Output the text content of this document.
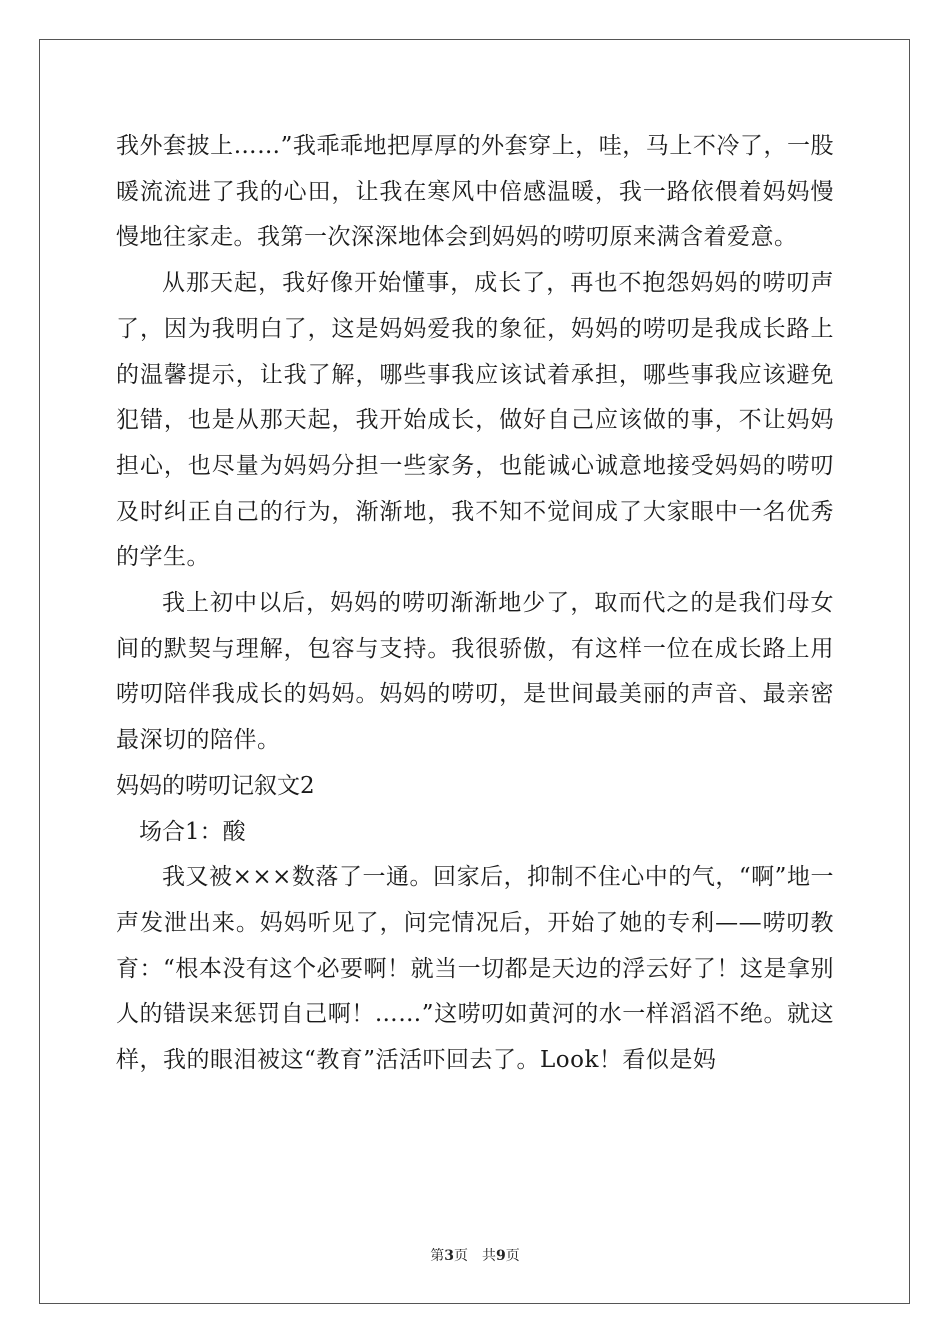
我外套披上……”我乖乖地把厚厚的外套穿上，哇，马上不冷了，一股暖流流进了我的心田，让我在寒风中倍感温暖，我一路依偎着妈妈慢慢地往家走。我第一次深深地体会到妈妈的唠叨原来满含着爱意。

从那天起，我好像开始懂事，成长了，再也不抱怨妈妈的唠叨声了，因为我明白了，这是妈妈爱我的象征，妈妈的唠叨是我成长路上的温馨提示，让我了解，哪些事我应该试着承担，哪些事我应该避免犯错，也是从那天起，我开始成长，做好自己应该做的事，不让妈妈担心，也尽量为妈妈分担一些家务，也能诚心诚意地接受妈妈的唠叨及时纠正自己的行为，渐渐地，我不知不觉间成了大家眼中一名优秀的学生。

我上初中以后，妈妈的唠叨渐渐地少了，取而代之的是我们母女间的默契与理解，包容与支持。我很骄傲，有这样一位在成长路上用唠叨陪伴我成长的妈妈。妈妈的唠叨，是世间最美丽的声音、最亲密最深切的陪伴。

妈妈的唠叨记叙文2

场合1：酸

我又被×××数落了一通。回家后，抑制不住心中的气，“啊”地一声发泄出来。妈妈听见了，问完情况后，开始了她的专利——唠叨教育：“根本没有这个必要啊！就当一切都是天边的浮云好了！这是拿别人的错误来惩罚自己啊！……”这唠叨如黄河的水一样滔滔不绝。就这样，我的眼泪被这“教育”活活吓回去了。Look！看似是妈

第3页 共9页
